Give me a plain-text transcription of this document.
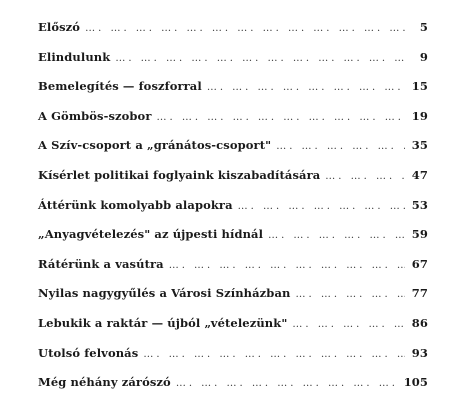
Előszó …. …. …. …. …. …. …. …. …. …. …. …. …. …. …. …. …. …. …. …. …. …. ….	5
Elindulunk …. …. …. …. …. …. …. …. …. …. …. …. …. …. …. …. …. …. …. …. …. …. ….	9
Bemelegítés — foszforral …. …. …. …. …. …. …. …. …. …. …. …. …. …. …. …. …. …. …. …. …. …. ….	15
A Gömbös-szobor …. …. …. …. …. …. …. …. …. …. …. …. …. …. …. …. …. …. …. …. …. …. ….	19
A Szív-csoport a „gránátos-csoport" …. …. …. …. …. …. …. …. …. …. …. …. …. …. …. …. …. …. …. …. …. …. ….	35
Kísérlet politikai foglyaink kiszabadítására …. …. …. …. …. …. …. …. …. …. …. …. …. …. …. …. …. …. …. …. …. …. ….	47
Áttérünk komolyabb alapokra …. …. …. …. …. …. …. …. …. …. …. …. …. …. …. …. …. …. …. …. …. …. ….	53
„Anyagvételezés" az újpesti hídnál …. …. …. …. …. …. …. …. …. …. …. …. …. …. …. …. …. …. …. …. …. …. ….	59
Rátérünk a vasútra …. …. …. …. …. …. …. …. …. …. …. …. …. …. …. …. …. …. …. …. …. …. ….	67
Nyilas nagygyűlés a Városi Színházban …. …. …. …. …. …. …. …. …. …. …. …. …. …. …. …. …. …. …. …. …. …. ….	77
Lebukik a raktár — újból „vételezünk" …. …. …. …. …. …. …. …. …. …. …. …. …. …. …. …. …. …. …. …. …. …. ….	86
Utolsó felvonás …. …. …. …. …. …. …. …. …. …. …. …. …. …. …. …. …. …. …. …. …. …. ….	93
Még néhány zárószó …. …. …. …. …. …. …. …. …. …. …. …. …. …. …. …. …. …. …. …. …. …. ….	105
